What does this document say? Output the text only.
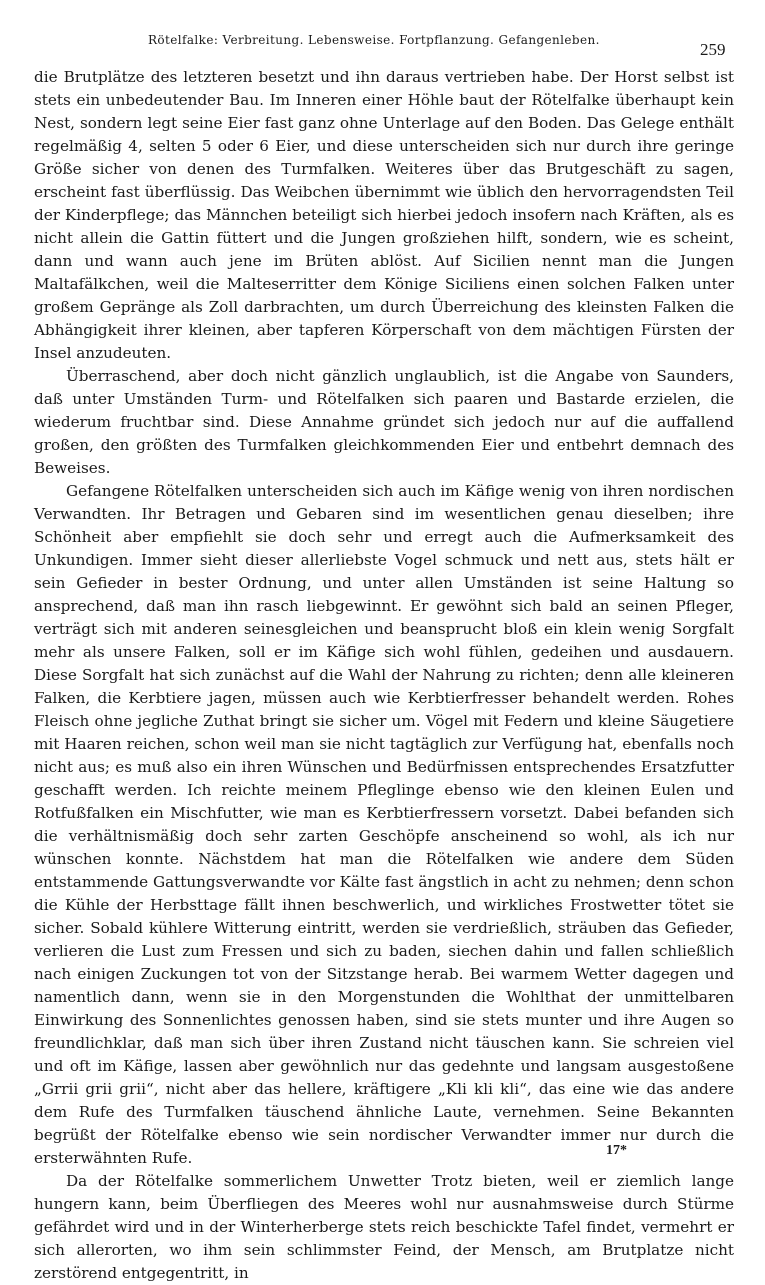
Rötelfalke: Verbreitung. Lebensweise. Fortpflanzung. Gefangenleben.	259

die Brutplätze des letzteren besetzt und ihn daraus vertrieben habe. Der Horst selbst ist stets ein unbedeutender Bau. Im Inneren einer Höhle baut der Rötelfalke überhaupt kein Nest, sondern legt seine Eier fast ganz ohne Unterlage auf den Boden. Das Gelege enthält regelmäßig 4, selten 5 oder 6 Eier, und diese unterscheiden sich nur durch ihre geringe Größe sicher von denen des Turmfalken. Weiteres über das Brutgeschäft zu sagen, erscheint fast überflüssig. Das Weibchen übernimmt wie üblich den hervorragendsten Teil der Kinderpflege; das Männchen beteiligt sich hierbei jedoch insofern nach Kräften, als es nicht allein die Gattin füttert und die Jungen großziehen hilft, sondern, wie es scheint, dann und wann auch jene im Brüten ablöst. Auf Sicilien nennt man die Jungen Maltafälkchen, weil die Malteserritter dem Könige Siciliens einen solchen Falken unter großem Gepränge als Zoll darbrachten, um durch Überreichung des kleinsten Falken die Abhängigkeit ihrer kleinen, aber tapferen Körperschaft von dem mächtigen Fürsten der Insel anzudeuten.

Überraschend, aber doch nicht gänzlich unglaublich, ist die Angabe von Saunders, daß unter Umständen Turm- und Rötelfalken sich paaren und Bastarde erzielen, die wiederum fruchtbar sind. Diese Annahme gründet sich jedoch nur auf die auffallend großen, den größten des Turmfalken gleichkommenden Eier und entbehrt demnach des Beweises.

Gefangene Rötelfalken unterscheiden sich auch im Käfige wenig von ihren nordischen Verwandten. Ihr Betragen und Gebaren sind im wesentlichen genau dieselben; ihre Schönheit aber empfiehlt sie doch sehr und erregt auch die Aufmerksamkeit des Unkundigen. Immer sieht dieser allerliebste Vogel schmuck und nett aus, stets hält er sein Gefieder in bester Ordnung, und unter allen Umständen ist seine Haltung so ansprechend, daß man ihn rasch liebgewinnt. Er gewöhnt sich bald an seinen Pfleger, verträgt sich mit anderen seinesgleichen und beansprucht bloß ein klein wenig Sorgfalt mehr als unsere Falken, soll er im Käfige sich wohl fühlen, gedeihen und ausdauern. Diese Sorgfalt hat sich zunächst auf die Wahl der Nahrung zu richten; denn alle kleineren Falken, die Kerbtiere jagen, müssen auch wie Kerbtierfresser behandelt werden. Rohes Fleisch ohne jegliche Zuthat bringt sie sicher um. Vögel mit Federn und kleine Säugetiere mit Haaren reichen, schon weil man sie nicht tagtäglich zur Verfügung hat, ebenfalls noch nicht aus; es muß also ein ihren Wünschen und Bedürfnissen entsprechendes Ersatzfutter geschafft werden. Ich reichte meinem Pfleglinge ebenso wie den kleinen Eulen und Rotfußfalken ein Mischfutter, wie man es Kerbtierfressern vorsetzt. Dabei befanden sich die verhältnismäßig doch sehr zarten Geschöpfe anscheinend so wohl, als ich nur wünschen konnte. Nächstdem hat man die Rötelfalken wie andere dem Süden entstammende Gattungsverwandte vor Kälte fast ängstlich in acht zu nehmen; denn schon die Kühle der Herbsttage fällt ihnen beschwerlich, und wirkliches Frostwetter tötet sie sicher. Sobald kühlere Witterung eintritt, werden sie verdrießlich, sträuben das Gefieder, verlieren die Lust zum Fressen und sich zu baden, siechen dahin und fallen schließlich nach einigen Zuckungen tot von der Sitzstange herab. Bei warmem Wetter dagegen und namentlich dann, wenn sie in den Morgenstunden die Wohlthat der unmittelbaren Einwirkung des Sonnenlichtes genossen haben, sind sie stets munter und ihre Augen so freundlichklar, daß man sich über ihren Zustand nicht täuschen kann. Sie schreien viel und oft im Käfige, lassen aber gewöhnlich nur das gedehnte und langsam ausgestoßene „Grrii grii grii“, nicht aber das hellere, kräftigere „Kli kli kli“, das eine wie das andere dem Rufe des Turmfalken täuschend ähnliche Laute, vernehmen. Seine Bekannten begrüßt der Rötelfalke ebenso wie sein nordischer Verwandter immer nur durch die ersterwähnten Rufe.

Da der Rötelfalke sommerlichem Unwetter Trotz bieten, weil er ziemlich lange hungern kann, beim Überfliegen des Meeres wohl nur ausnahmsweise durch Stürme gefährdet wird und in der Winterherberge stets reich beschickte Tafel findet, vermehrt er sich allerorten, wo ihm sein schlimmster Feind, der Mensch, am Brutplatze nicht zerstörend entgegentritt, in

17*
